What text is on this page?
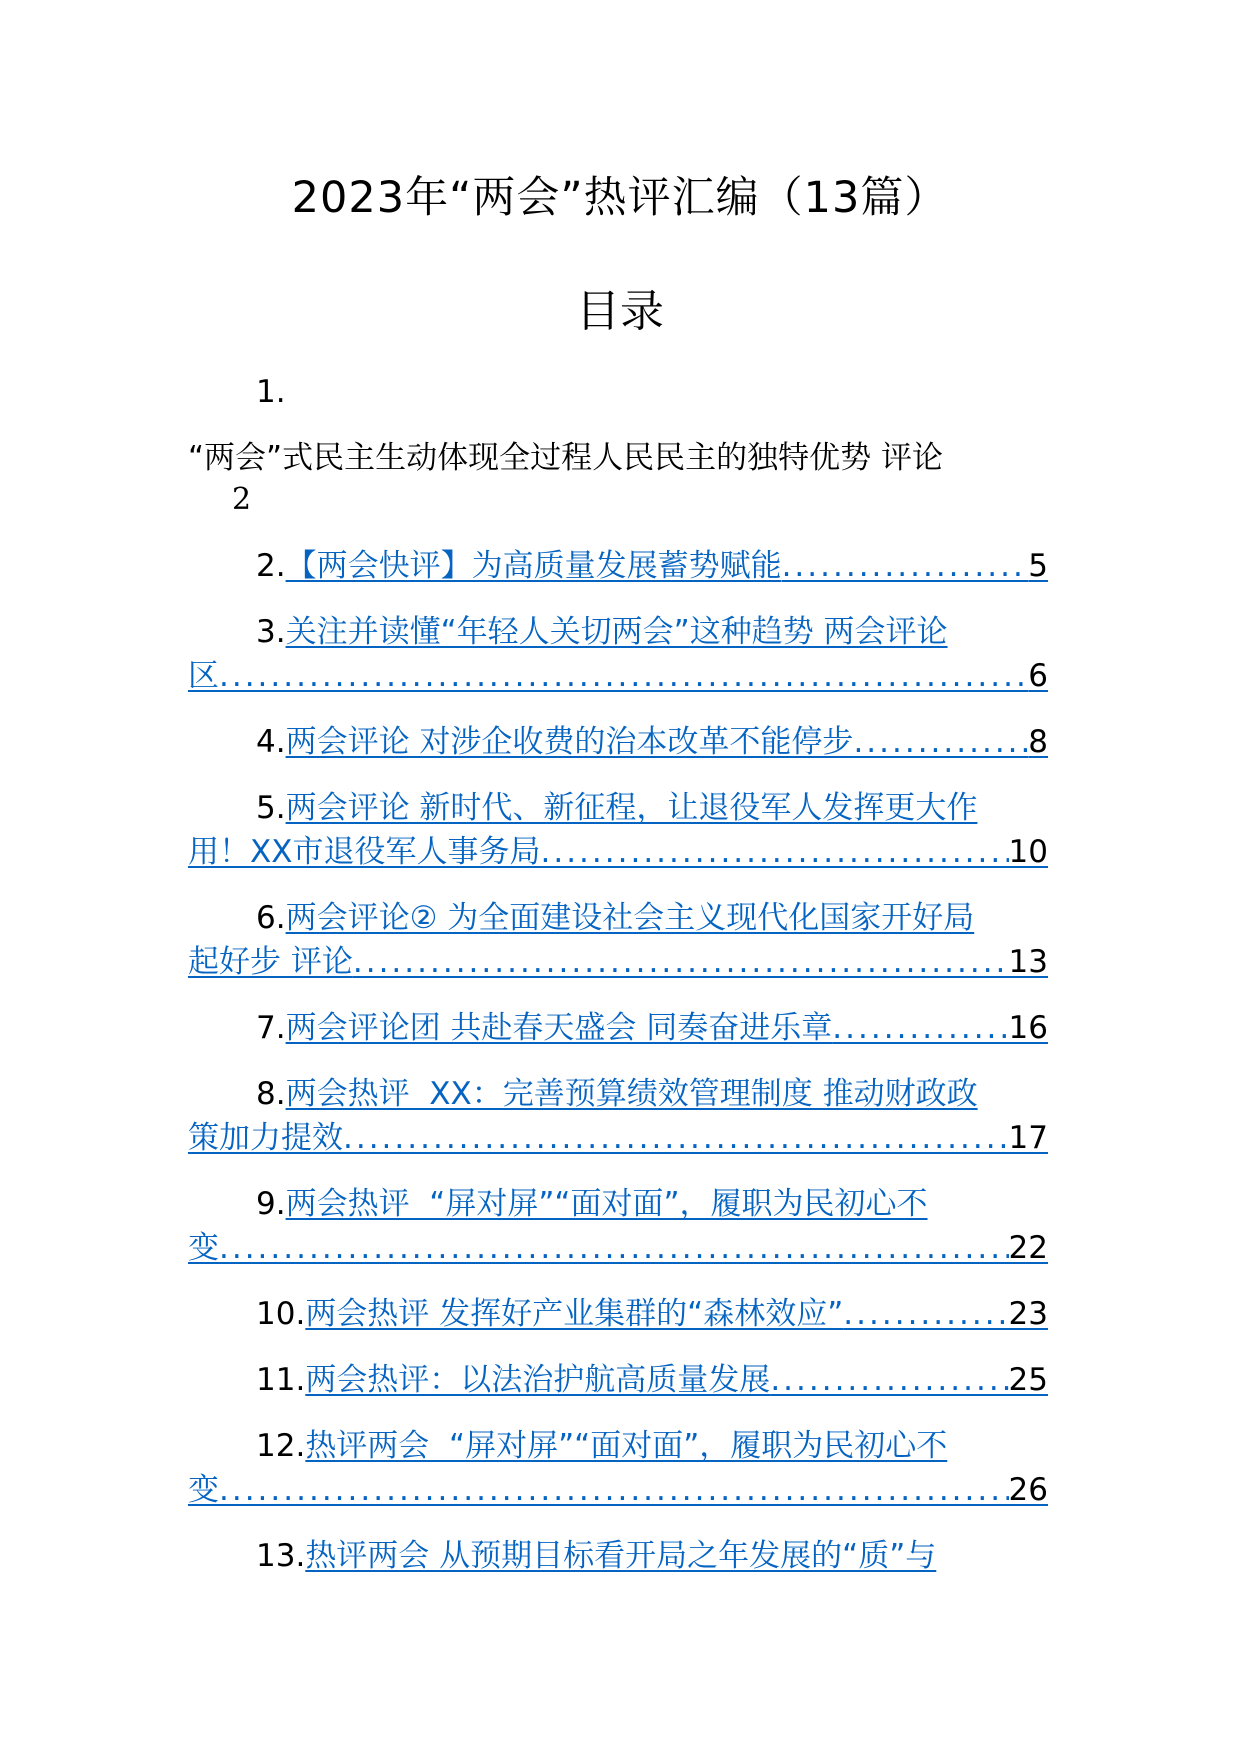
2023年“两会”热评汇编（13篇）
目录
1.
“两会”式民主生动体现全过程人民民主的独特优势 评论
2
2. 【两会快评】为高质量发展蓄势赋能 .....	5
3. 关注并读懂“年轻人关切两会”这种趋势 两会评论
区 .....	6
4. 两会评论 对涉企收费的治本改革不能停步 .....	8
5. 两会评论 新时代、新征程，让退役军人发挥更大作
用！XX市退役军人事务局 .....	10
6. 两会评论② 为全面建设社会主义现代化国家开好局
起好步 评论 .....	13
7. 两会评论团 共赴春天盛会 同奏奋进乐章 .....	16
8. 两会热评  XX：完善预算绩效管理制度 推动财政政
策加力提效 .....	17
9. 两会热评  “屏对屏”“面对面”，履职为民初心不
变 .....	22
10. 两会热评 发挥好产业集群的“森林效应” .....	23
11. 两会热评：以法治护航高质量发展 .....	25
12. 热评两会  “屏对屏”“面对面”，履职为民初心不
变 .....	26
13. 热评两会 从预期目标看开局之年发展的“质”与
